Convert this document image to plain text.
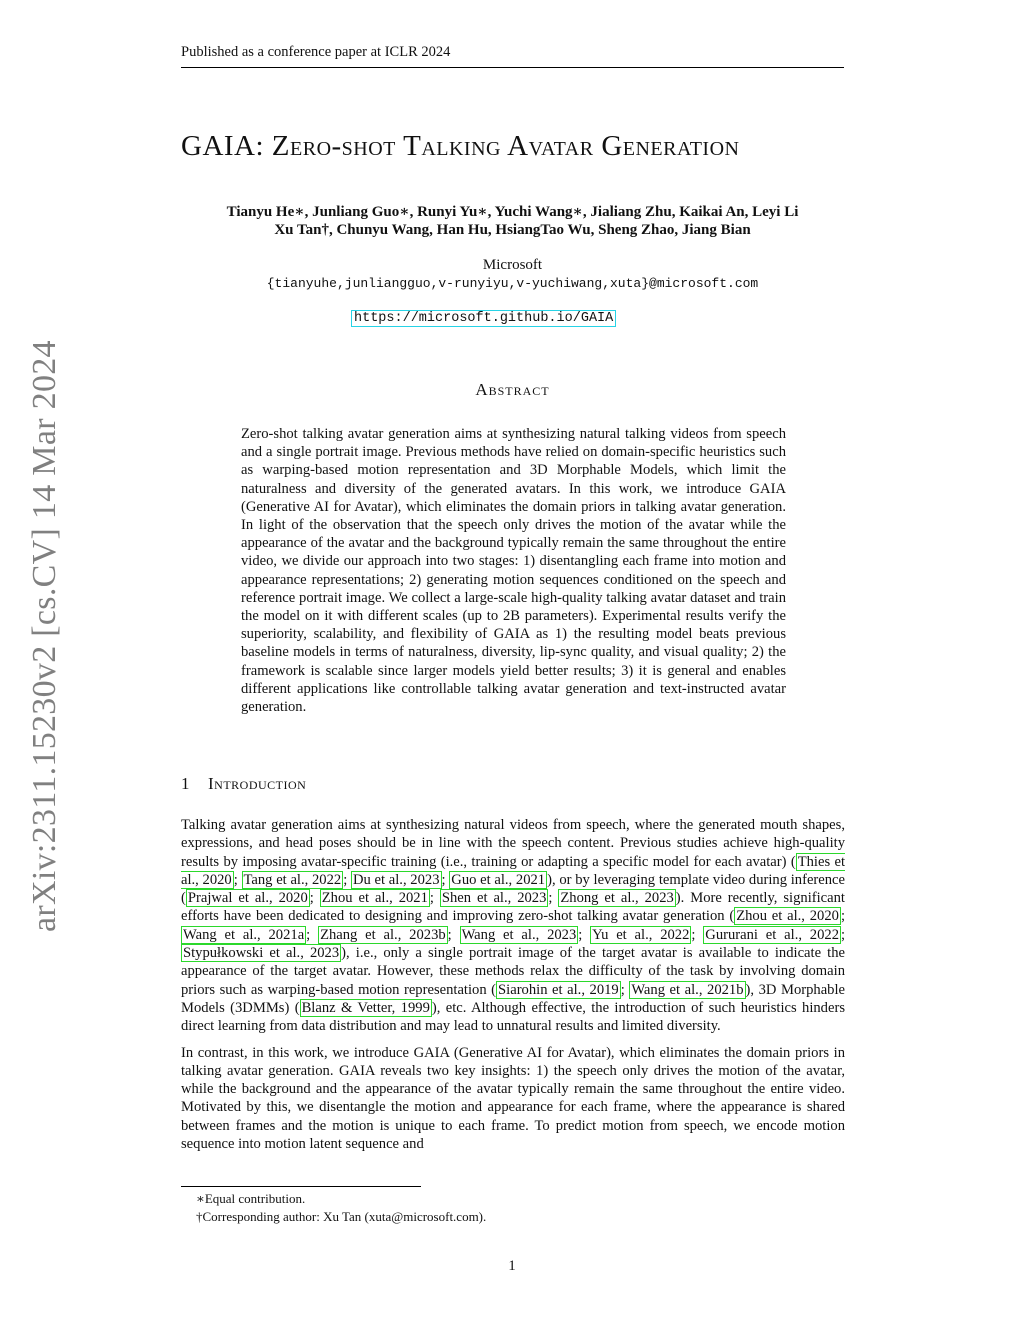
Published as a conference paper at ICLR 2024
GAIA: Zero-shot Talking Avatar Generation
Tianyu He∗, Junliang Guo∗, Runyi Yu∗, Yuchi Wang∗, Jialiang Zhu, Kaikai An, Leyi Li
Xu Tan†, Chunyu Wang, Han Hu, HsiangTao Wu, Sheng Zhao, Jiang Bian
Microsoft
{tianyuhe,junliangguo,v-runyiyu,v-yuchiwang,xuta}@microsoft.com
https://microsoft.github.io/GAIA
Abstract

Zero-shot talking avatar generation aims at synthesizing natural talking videos from speech and a single portrait image. Previous methods have relied on domain-specific heuristics such as warping-based motion representation and 3D Morphable Models, which limit the naturalness and diversity of the generated avatars. In this work, we introduce GAIA (Generative AI for Avatar), which eliminates the domain priors in talking avatar generation. In light of the observation that the speech only drives the motion of the avatar while the appearance of the avatar and the background typically remain the same throughout the entire video, we divide our approach into two stages: 1) disentangling each frame into motion and appearance representations; 2) generating motion sequences conditioned on the speech and reference portrait image. We collect a large-scale high-quality talking avatar dataset and train the model on it with different scales (up to 2B parameters). Experimental results verify the superiority, scalability, and flexibility of GAIA as 1) the resulting model beats previous baseline models in terms of naturalness, diversity, lip-sync quality, and visual quality; 2) the framework is scalable since larger models yield better results; 3) it is general and enables different applications like controllable talking avatar generation and text-instructed avatar generation.

1 Introduction

Talking avatar generation aims at synthesizing natural videos from speech, where the generated mouth shapes, expressions, and head poses should be in line with the speech content. Previous studies achieve high-quality results by imposing avatar-specific training (i.e., training or adapting a specific model for each avatar) ( Thies et al., 2020 ; Tang et al., 2022 ; Du et al., 2023 ; Guo et al., 2021 ), or by leveraging template video during inference ( Prajwal et al., 2020 ; Zhou et al., 2021 ; Shen et al., 2023 ; Zhong et al., 2023 ). More recently, significant efforts have been dedicated to designing and improving zero-shot talking avatar generation ( Zhou et al., 2020 ; Wang et al., 2021a ; Zhang et al., 2023b ; Wang et al., 2023 ; Yu et al., 2022 ; Gururani et al., 2022 ; Stypułkowski et al., 2023 ), i.e., only a single portrait image of the target avatar is available to indicate the appearance of the target avatar. However, these methods relax the difficulty of the task by involving domain priors such as warping-based motion representation ( Siarohin et al., 2019 ; Wang et al., 2021b ), 3D Morphable Models (3DMMs) ( Blanz & Vetter, 1999 ), etc. Although effective, the introduction of such heuristics hinders direct learning from data distribution and may lead to unnatural results and limited diversity.

In contrast, in this work, we introduce GAIA (Generative AI for Avatar), which eliminates the domain priors in talking avatar generation. GAIA reveals two key insights: 1) the speech only drives the motion of the avatar, while the background and the appearance of the avatar typically remain the same throughout the entire video. Motivated by this, we disentangle the motion and appearance for each frame, where the appearance is shared between frames and the motion is unique to each frame. To predict motion from speech, we encode motion sequence into motion latent sequence and

∗Equal contribution.
†Corresponding author: Xu Tan (xuta@microsoft.com).
1
arXiv:2311.15230v2 [cs.CV] 14 Mar 2024
